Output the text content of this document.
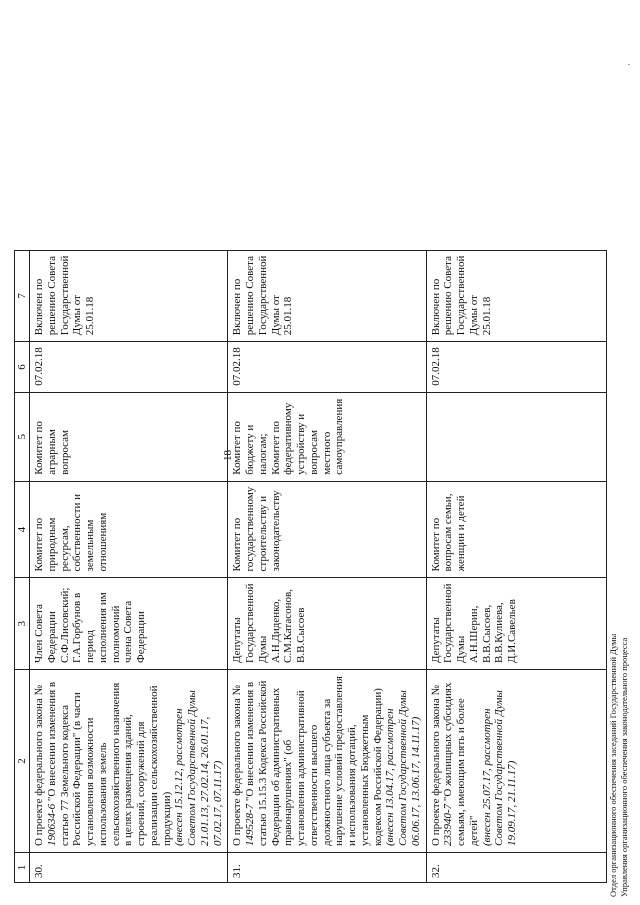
18
1	2	3	4	5	6	7
30.	О проекте федерального закона № 190634-6 "О внесении изменения в статью 77 Земельного кодекса Российской Федерации" (в части установления возможности использования земель сельскохозяйственного назначения в целях размещения зданий, строений, сооружений для реализации сельскохозяйственной продукции) (внесен 15.12.12, рассмотрен Советом Государственной Думы 21.01.13, 27.02.14, 26.01.17, 07.02.17, 07.11.17)	Член Совета Федерации С.Ф.Лисовский; Г.А.Горбунов в период исполнения им полномочий члена Совета Федерации	Комитет по природным ресурсам, собственности и земельным отношениям	Комитет по аграрным вопросам	07.02.18	Включен по решению Совета Государственной Думы от 25.01.18
31.	О проекте федерального закона № 149528-7 "О внесении изменения в статью 15.15.3 Кодекса Российской Федерации об административных правонарушениях" (об установлении административной ответственности высшего должностного лица субъекта за нарушение условий предоставления и использования дотаций, установленных Бюджетным кодексом Российской Федерации) (внесен 13.04.17, рассмотрен Советом Государственной Думы 06.06.17, 13.06.17, 14.11.17)	Депутаты Государственной Думы А.Н.Диденко, С.М.Катасонов, В.В.Сысоев	Комитет по государственному строительству и законодательству	Комитет по бюджету и налогам; Комитет по федеративному устройству и вопросам местного самоуправления	07.02.18	Включен по решению Совета Государственной Думы от 25.01.18
32.	О проекте федерального закона № 233940-7 "О жилищных субсидиях семьям, имеющим пять и более детей" (внесен 25.07.17, рассмотрен Советом Государственной Думы 19.09.17, 21.11.17)	Депутаты Государственной Думы А.Н.Шерин, В.В.Сысоев, В.В.Кулиева, Д.И.Савельев	Комитет по вопросам семьи, женщин и детей		07.02.18	Включен по решению Совета Государственной Думы от 25.01.18
Отдел организационного обеспечения заседаний Государственной Думы Управления организационного обеспечения законодательного процесса
·
